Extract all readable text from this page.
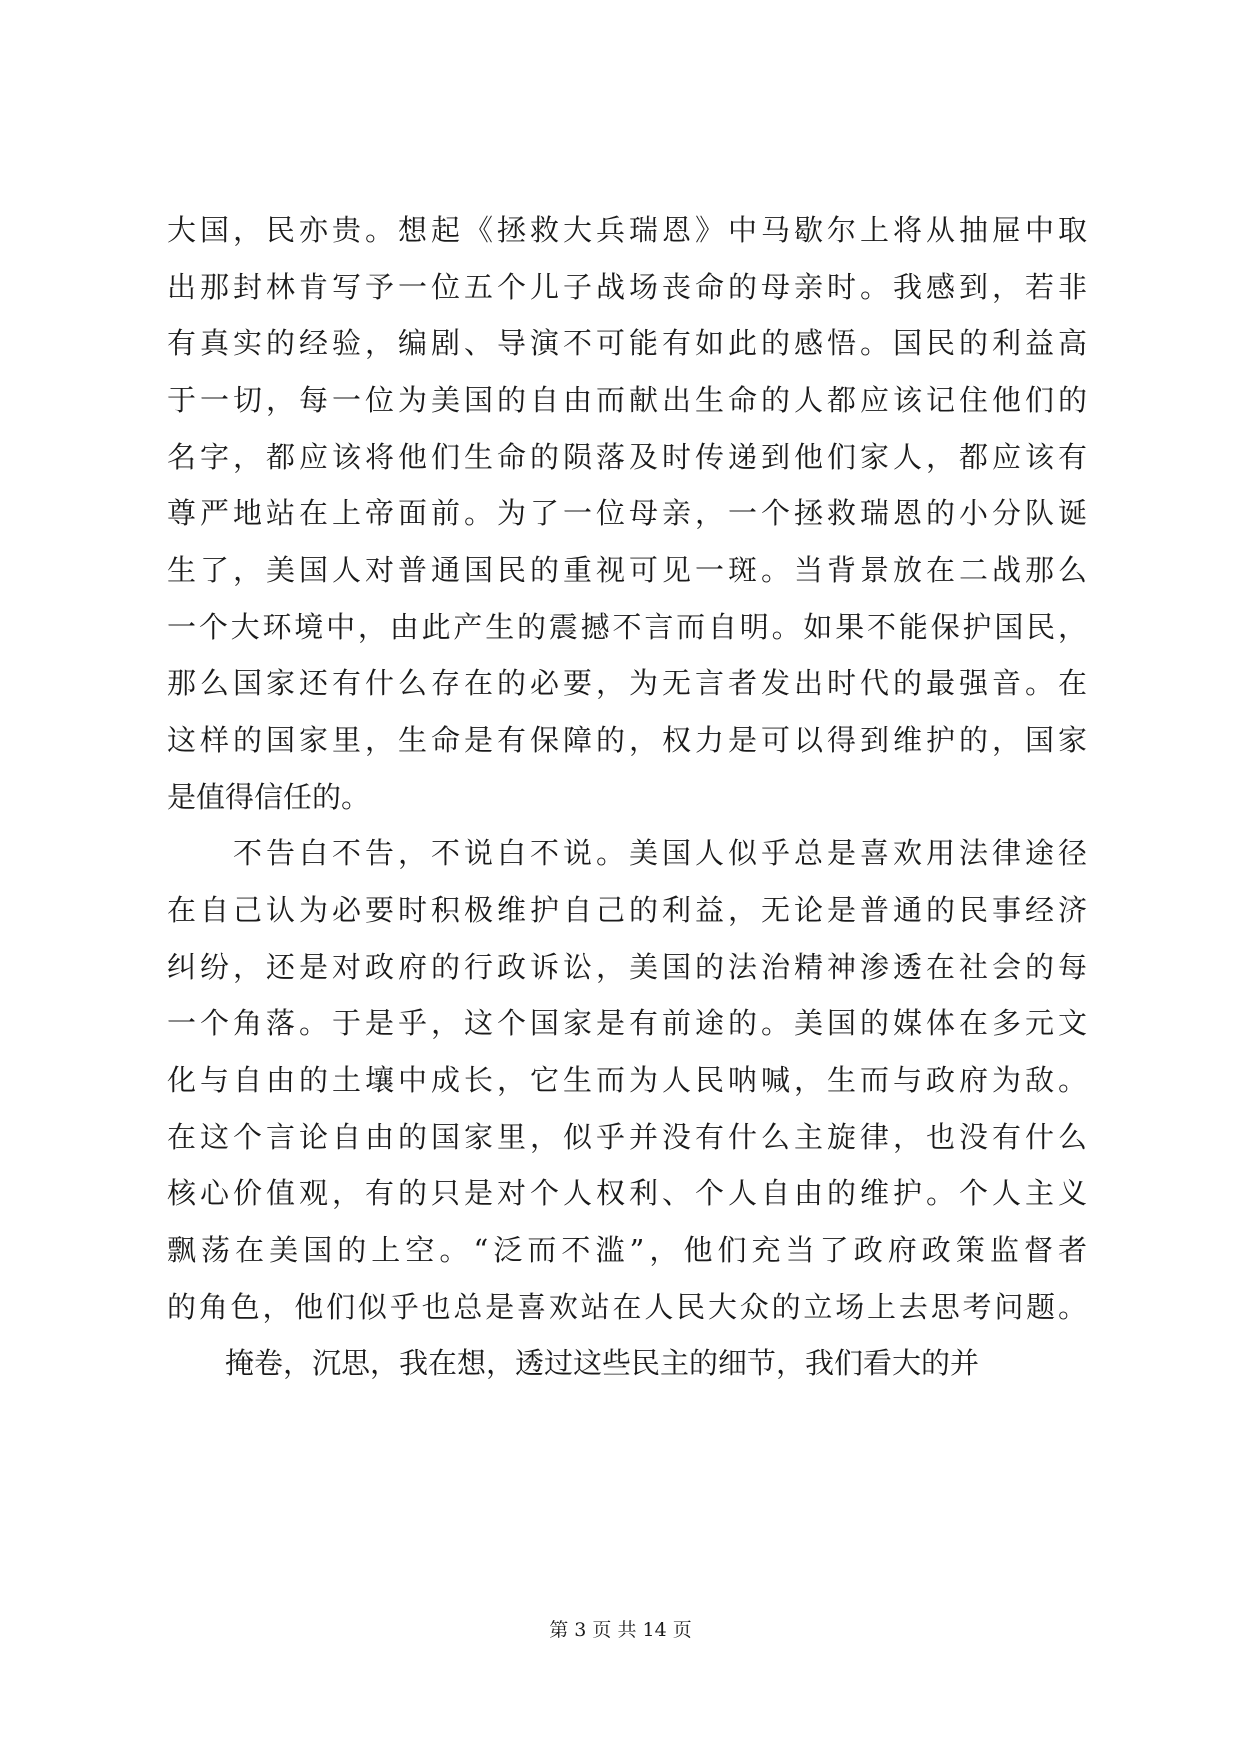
大国，民亦贵。想起《拯救大兵瑞恩》中马歇尔上将从抽屉中取
出那封林肯写予一位五个儿子战场丧命的母亲时。我感到，若非
有真实的经验，编剧、导演不可能有如此的感悟。国民的利益高
于一切，每一位为美国的自由而献出生命的人都应该记住他们的
名字，都应该将他们生命的陨落及时传递到他们家人，都应该有
尊严地站在上帝面前。为了一位母亲，一个拯救瑞恩的小分队诞
生了，美国人对普通国民的重视可见一斑。当背景放在二战那么
一个大环境中，由此产生的震撼不言而自明。如果不能保护国民，
那么国家还有什么存在的必要，为无言者发出时代的最强音。在
这样的国家里，生命是有保障的，权力是可以得到维护的，国家
是值得信任的。
　　不告白不告，不说白不说。美国人似乎总是喜欢用法律途径
在自己认为必要时积极维护自己的利益，无论是普通的民事经济
纠纷，还是对政府的行政诉讼，美国的法治精神渗透在社会的每
一个角落。于是乎，这个国家是有前途的。美国的媒体在多元文
化与自由的土壤中成长，它生而为人民呐喊，生而与政府为敌。
在这个言论自由的国家里，似乎并没有什么主旋律，也没有什么
核心价值观，有的只是对个人权利、个人自由的维护。个人主义
飘荡在美国的上空。“泛而不滥”，他们充当了政府政策监督者
的角色，他们似乎也总是喜欢站在人民大众的立场上去思考问题。
　　掩卷，沉思，我在想，透过这些民主的细节，我们看大的并
第 3 页 共 14 页
